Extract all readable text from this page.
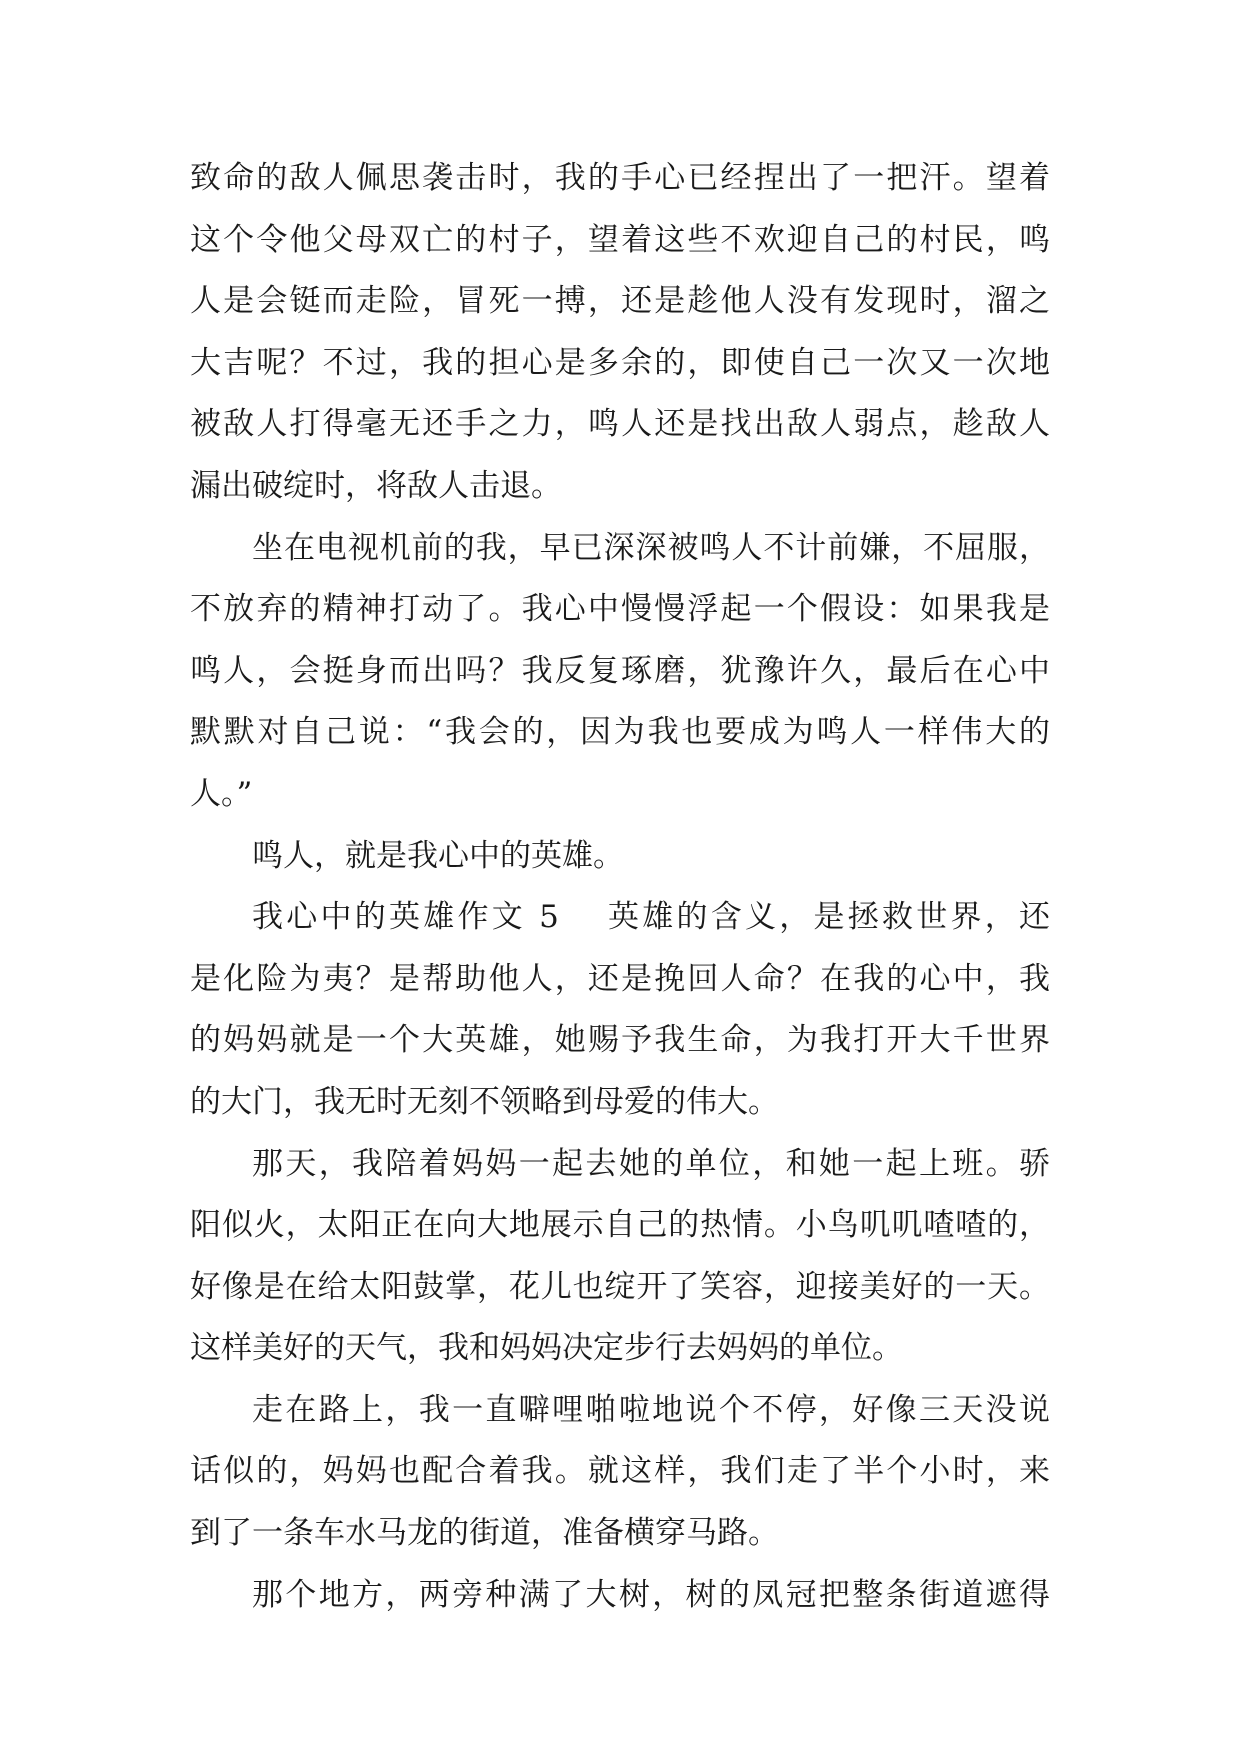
致命的敌人佩思袭击时，我的手心已经捏出了一把汗。望着
这个令他父母双亡的村子，望着这些不欢迎自己的村民，鸣
人是会铤而走险，冒死一搏，还是趁他人没有发现时，溜之
大吉呢？不过，我的担心是多余的，即使自己一次又一次地
被敌人打得毫无还手之力，鸣人还是找出敌人弱点，趁敌人
漏出破绽时，将敌人击退。
坐在电视机前的我，早已深深被鸣人不计前嫌，不屈服，
不放弃的精神打动了。我心中慢慢浮起一个假设：如果我是
鸣人，会挺身而出吗？我反复琢磨，犹豫许久，最后在心中
默默对自己说：“我会的，因为我也要成为鸣人一样伟大的
人。”
鸣人，就是我心中的英雄。
我心中的英雄作文 5 英雄的含义，是拯救世界，还
是化险为夷？是帮助他人，还是挽回人命？在我的心中，我
的妈妈就是一个大英雄，她赐予我生命，为我打开大千世界
的大门，我无时无刻不领略到母爱的伟大。
那天，我陪着妈妈一起去她的单位，和她一起上班。骄
阳似火，太阳正在向大地展示自己的热情。小鸟叽叽喳喳的，
好像是在给太阳鼓掌，花儿也绽开了笑容，迎接美好的一天。
这样美好的天气，我和妈妈决定步行去妈妈的单位。
走在路上，我一直噼哩啪啦地说个不停，好像三天没说
话似的，妈妈也配合着我。就这样，我们走了半个小时，来
到了一条车水马龙的街道，准备横穿马路。
那个地方，两旁种满了大树，树的凤冠把整条街道遮得
